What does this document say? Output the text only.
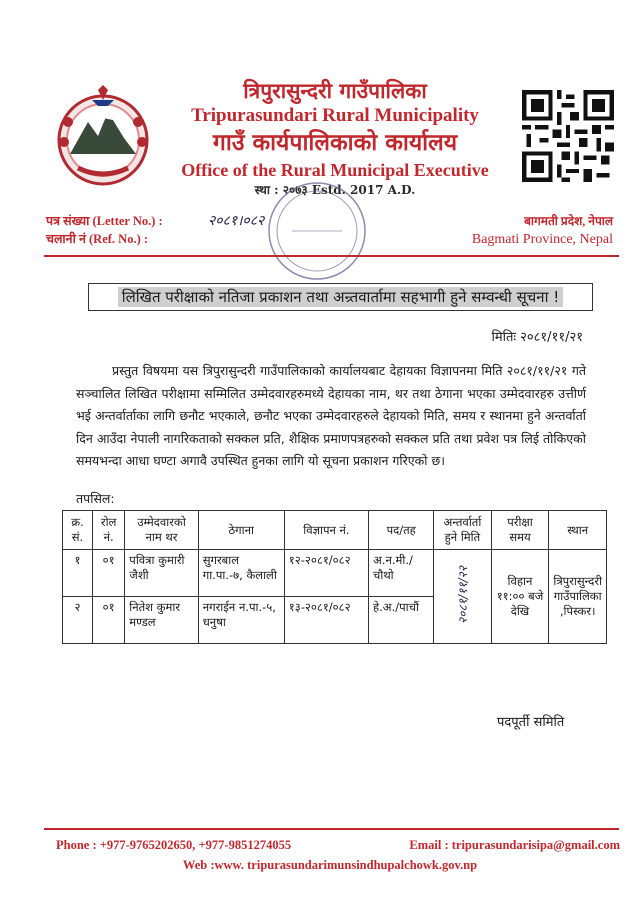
त्रिपुरासुन्दरी गाउँपालिका
Tripurasundari Rural Municipality
गाउँ कार्यपालिकाको कार्यालय
Office of the Rural Municipal Executive
स्था : २०७३ Estd. 2017 A.D.
पत्र संख्या (Letter No.) :
चलानी नं (Ref. No.) :
२०८१।०८२	बागमती प्रदेश, नेपाल
Bagmati Province, Nepal
लिखित परीक्षाको नतिजा प्रकाशन तथा अन्र्तवार्तामा सहभागी हुने सम्वन्धी सूचना !
मितिः २०८१/११/२१
प्रस्तुत विषयमा यस त्रिपुरासुन्दरी गाउँपालिकाको कार्यालयबाट देहायका विज्ञापनमा मिति २०८१/११/२१ गते सञ्चालित लिखित परीक्षामा सम्मिलित उम्मेदवारहरुमध्ये देहायका नाम, थर तथा ठेगाना भएका उम्मेदवारहरु उत्तीर्ण भई अन्तर्वार्ताका लागि छनौट भएकाले, छनौट भएका उम्मेदवारहरुले देहायको मिति, समय र स्थानमा हुने अन्तर्वार्ता दिन आउँदा नेपाली नागरिकताको सक्कल प्रति, शैक्षिक प्रमाणपत्रहरुको सक्कल प्रति तथा प्रवेश पत्र लिई तोकिएको समयभन्दा आधा घण्टा अगावै उपस्थित हुनका लागि यो सूचना प्रकाशन गरिएको छ।
तपसिल:
क्र. सं.	रोल नं.	उम्मेदवारको नाम थर	ठेगाना	विज्ञापन नं.	पद/तह	अन्तर्वार्ता हुने मिति	परीक्षा समय	स्थान
१	०१	पवित्रा कुमारी जैशी	सुगरबाल गा.पा.-७, कैलाली	१२-२०८१/०८२	अ.न.मी./ चौथो	२०८१/११/२२	विहान ११:०० बजे देखि	त्रिपुरासुन्दरी गाउँपालिका ,पिस्कर।
२	०१	नितेश कुमार मण्डल	नगराईन न.पा.-५, धनुषा	१३-२०८१/०८२	हे.अ./पाचौं			
पदपूर्ती समिति
Phone : +977-9765202650, +977-9851274055	Email : tripurasundarisipa@gmail.com
Web :www. tripurasundarimunsindhupalchowk.gov.np
